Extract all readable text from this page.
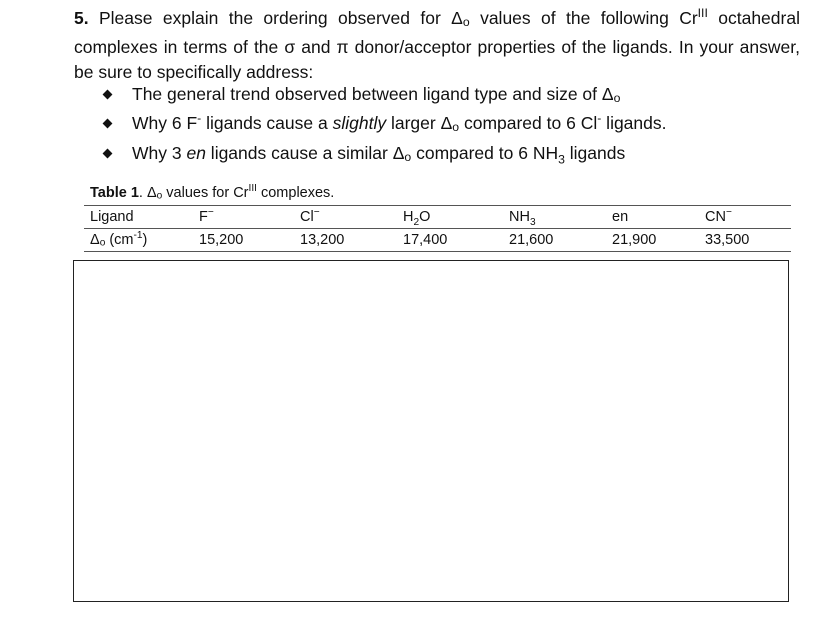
5. Please explain the ordering observed for Δo values of the following $Cr^{III}$ octahedral complexes in terms of the σ and π donor/acceptor properties of the ligands. In your answer, be sure to specifically address:
The general trend observed between ligand type and size of Δo
Why 6 F- ligands cause a slightly larger Δo compared to 6 Cl- ligands.
Why 3 en ligands cause a similar Δo compared to 6 $NH_3$ ligands
Table 1. Δo values for $Cr^{III}$ complexes.
Ligand	F−	Cl−	$H_2O$	$NH_3$	en	CN−
Δo $(cm^{-1})$	15,200	13,200	17,400	21,600	21,900	33,500
